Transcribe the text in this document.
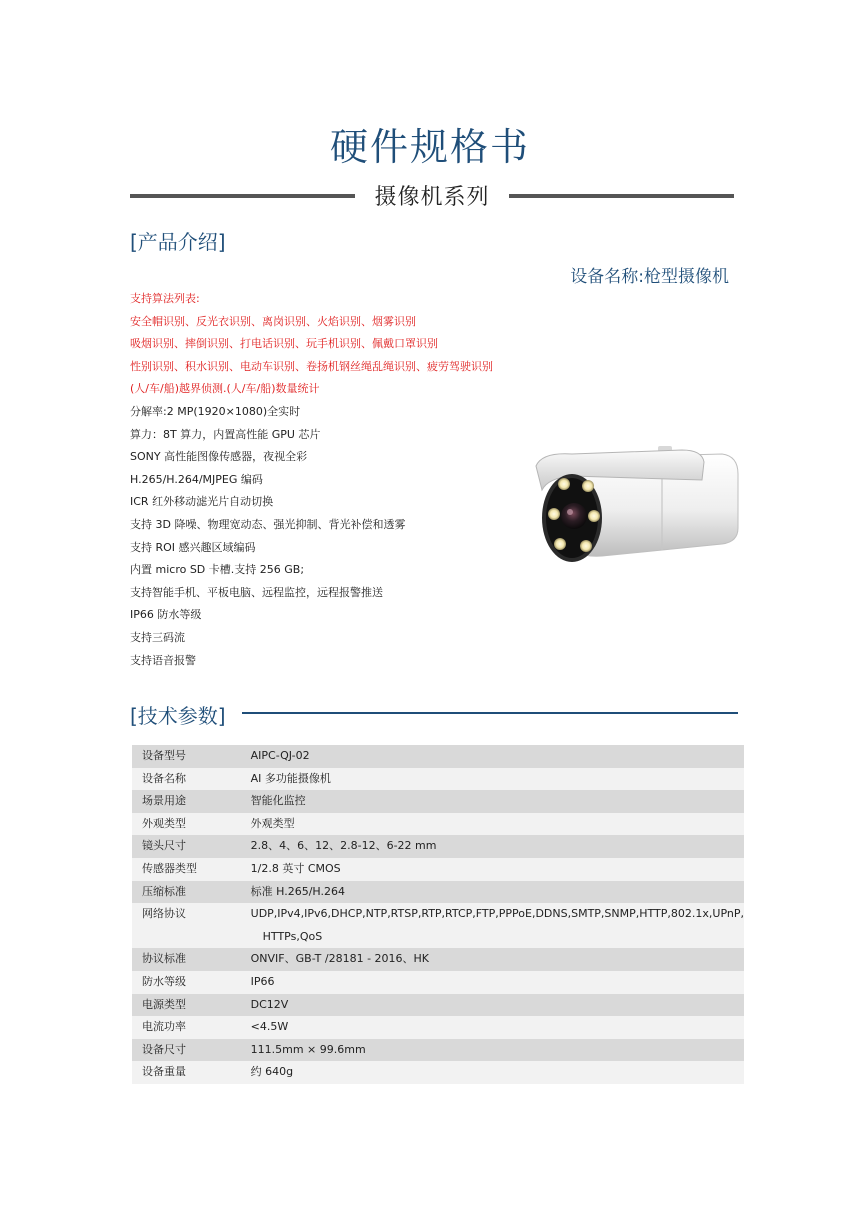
硬件规格书
摄像机系列
[产品介绍]
设备名称:枪型摄像机
支持算法列表:
安全帽识别、反光衣识别、离岗识别、火焰识别、烟雾识别
吸烟识别、摔倒识别、打电话识别、玩手机识别、佩戴口罩识别
性别识别、积水识别、电动车识别、卷扬机钢丝绳乱绳识别、疲劳驾驶识别
(人/车/船)越界侦测.(人/车/船)数量统计
分解率:2 MP(1920×1080)全实时
算力：8T 算力，内置高性能 GPU 芯片
SONY 高性能图像传感器，夜视全彩
H.265/H.264/MJPEG 编码
ICR 红外移动滤光片自动切换
支持 3D 降噪、物理宽动态、强光抑制、背光补偿和透雾
支持 ROI 感兴趣区域编码
内置 micro SD 卡槽.支持 256 GB;
支持智能手机、平板电脑、远程监控，远程报警推送
IP66 防水等级
支持三码流
支持语音报警
[技术参数]
设备型号	AIPC-QJ-02
设备名称	AI 多功能摄像机
场景用途	智能化监控
外观类型	外观类型
镜头尺寸	2.8、4、6、12、2.8-12、6-22 mm
传感器类型	1/2.8 英寸 CMOS
压缩标准	标准 H.265/H.264
网络协议	UDP,IPv4,IPv6,DHCP,NTP,RTSP,RTP,RTCP,FTP,PPPoE,DDNS,SMTP,SNMP,HTTP,802.1x,UPnP,
HTTPs,QoS

协议标准	ONVIF、GB-T /28181 - 2016、HK
防水等级	IP66
电源类型	DC12V
电流功率	<4.5W
设备尺寸	111.5mm × 99.6mm
设备重量	约 640g
